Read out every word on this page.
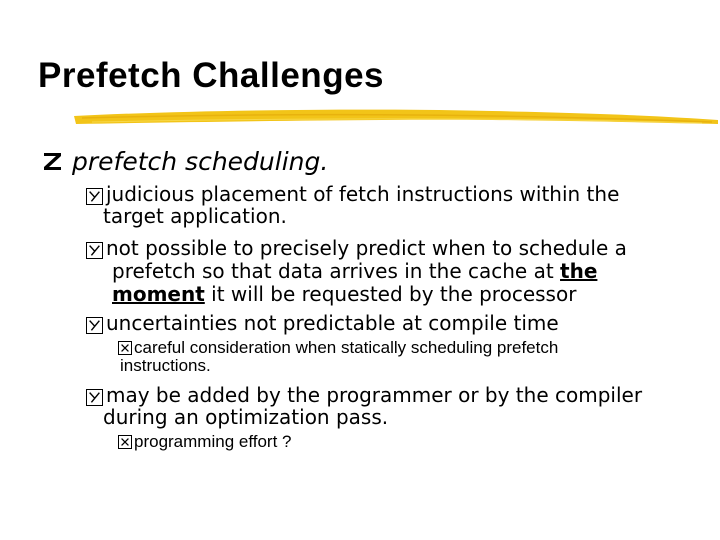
Prefetch Challenges
prefetch scheduling.
judicious placement of fetch instructions within the
target application.
not possible to precisely predict when to schedule a
prefetch so that data arrives in the cache at the
moment it will be requested by the processor
uncertainties not predictable at compile time
careful consideration when statically scheduling prefetch
instructions.
may be added by the programmer or by the compiler
during an optimization pass.
programming effort ?
